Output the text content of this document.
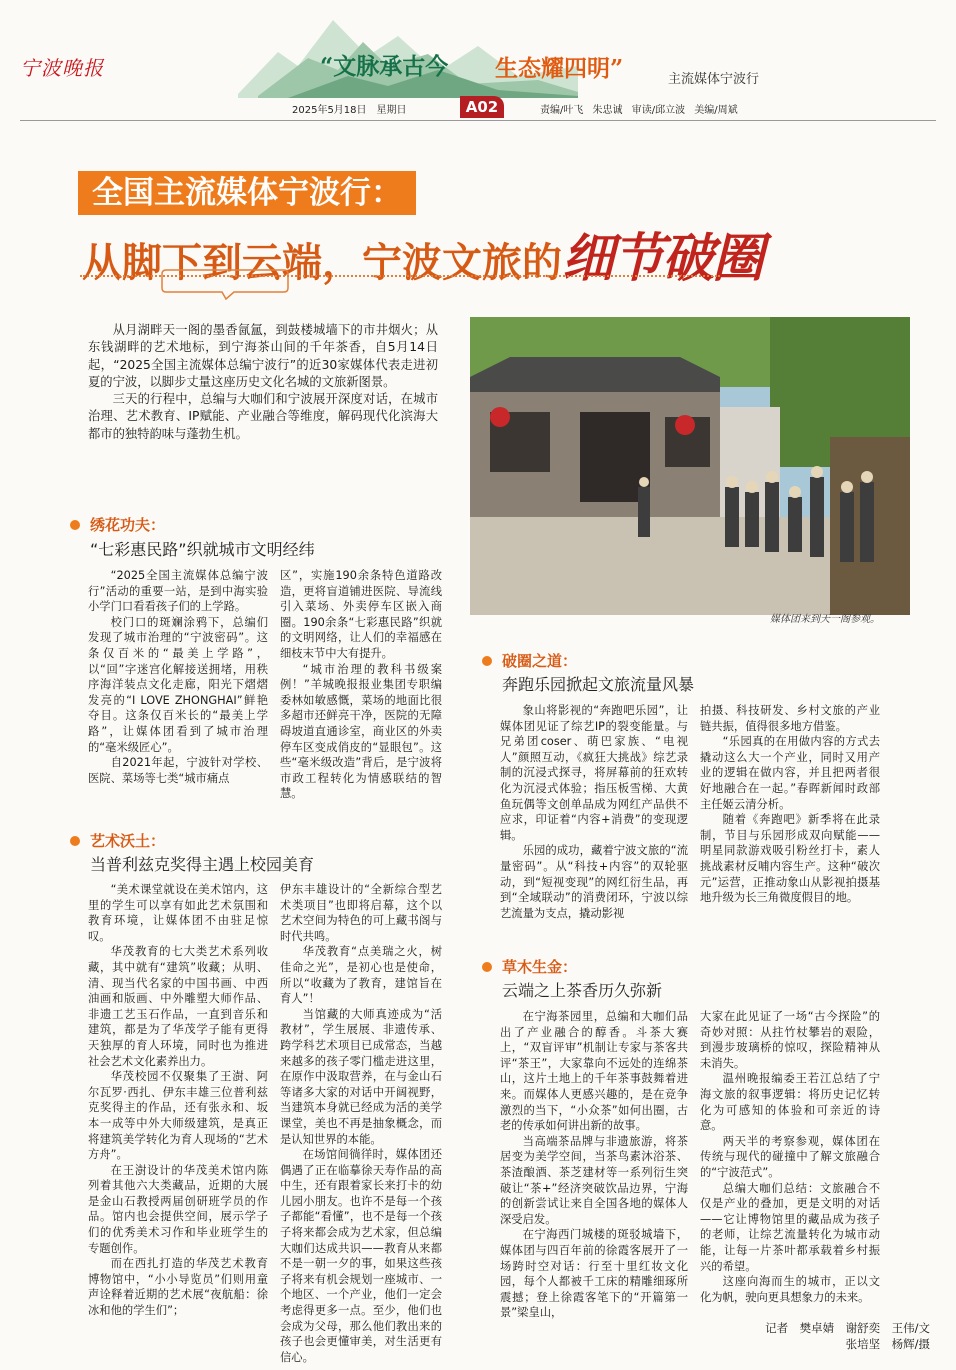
宁波晚报	“文脉承古今 生态耀四明”	主流媒体宁波行
2025年5月18日　星期日	A02	责编/叶飞 朱忠诚 审读/邱立波 美编/周斌
全国主流媒体宁波行：
从脚下到云端，宁波文旅的细节破圈

从月湖畔天一阁的墨香氤氲，到鼓楼城墙下的市井烟火；从东钱湖畔的艺术地标，到宁海茶山间的千年茶香，自5月14日起，“2025全国主流媒体总编宁波行”的近30家媒体代表走进初夏的宁波，以脚步丈量这座历史文化名城的文旅新图景。

三天的行程中，总编与大咖们和宁波展开深度对话，在城市治理、艺术教育、IP赋能、产业融合等维度，解码现代化滨海大都市的独特韵味与蓬勃生机。

媒体团来到天一阁参观。
绣花功夫：
“七彩惠民路”织就城市文明经纬

“2025全国主流媒体总编宁波行”活动的重要一站，是到中海实验小学门口看看孩子们的上学路。

校门口的斑斓涂鸦下，总编们发现了城市治理的“宁波密码”。这条仅百米的“最美上学路”，以“回”字迷宫化解接送拥堵，用秩序海洋装点文化走廊，阳光下熠熠发亮的“I LOVE ZHONGHAI”鲜艳夺目。这条仅百米长的“最美上学路”，让媒体团看到了城市治理的“毫米级匠心”。

自2021年起，宁波针对学校、医院、菜场等七类“城市痛点

区”，实施190余条特色道路改造，更将盲道铺进医院、导流线引入菜场、外卖停车区嵌入商圈。190余条“七彩惠民路”织就的文明网络，让人们的幸福感在细枝末节中大有提升。

“城市治理的教科书级案例！”羊城晚报报业集团专职编委林如敏感慨，菜场的地面比很多超市还鲜亮干净，医院的无障碍坡道直通诊室，商业区的外卖停车区变成俏皮的“显眼包”。这些“毫米级改造”背后，是宁波将市政工程转化为情感联结的智慧。

艺术沃土：
当普利兹克奖得主遇上校园美育

“美术课堂就设在美术馆内，这里的学生可以享有如此艺术氛围和教育环境，让媒体团不由驻足惊叹。

华茂教育的七大类艺术系列收藏，其中就有“建筑”收藏；从明、清、现当代名家的中国书画、中西油画和版画、中外雕塑大师作品、非遗工艺玉石作品，一直到音乐和建筑，都是为了华茂学子能有更得天独厚的育人环境，同时也为推进社会艺术文化素养出力。

华茂校园不仅聚集了王澍、阿尔瓦罗·西扎、伊东丰雄三位普利兹克奖得主的作品，还有张永和、坂本一成等中外大师级建筑，是真正将建筑美学转化为育人现场的“艺术方舟”。

在王澍设计的华茂美术馆内陈列着其他六大类藏品，近期的大展是金山石教授两届创研班学员的作品。馆内也会提供空间，展示学子们的优秀美术习作和毕业班学生的专题创作。

而在西扎打造的华茂艺术教育博物馆中，“小小导览员”们则用童声诠释着近期的艺术展“夜航船：徐冰和他的学生们”；

伊东丰雄设计的“全新综合型艺术类项目”也即将启幕，这个以艺术空间为特色的可上藏书阁与时代共鸣。

华茂教育“点美瑞之火，树佳命之光”，是初心也是使命，所以“收藏为了教育，建馆旨在育人”！

当馆藏的大师真迹成为“活教材”，学生展展、非遗传承、跨学科艺术项目已成常态，当越来越多的孩子零门槛走进这里，在原作中汲取营养，在与金山石等诸多大家的对话中开阔视野，当建筑本身就已经成为活的美学课堂，美也不再是抽象概念，而是认知世界的本能。

在场馆间徜徉时，媒体团还偶遇了正在临摹徐天寿作品的高中生，还有跟着家长来打卡的幼儿园小朋友。也许不是每一个孩子都能“看懂”，也不是每一个孩子将来都会成为艺术家，但总编大咖们达成共识——教育从来都不是一朝一夕的事，如果这些孩子将来有机会规划一座城市、一个地区、一个产业，他们一定会考虑得更多一点。至少，他们也会成为父母，那么他们教出来的孩子也会更懂审美，对生活更有信心。

破圈之道：
奔跑乐园掀起文旅流量风暴

象山将影视的“奔跑吧乐园”，让媒体团见证了综艺IP的裂变能量。与兄弟团coser、萌巴家族、“电视人”颜照互动，《疯狂大挑战》综艺录制的沉浸式探寻，将屏幕前的狂欢转化为沉浸式体验；指压板雪梯、大黄鱼玩偶等文创单品成为网红产品供不应求，印证着“内容+消费”的变现逻辑。

乐园的成功，藏着宁波文旅的“流量密码”。从“科技+内容”的双轮驱动，到“短视变现”的网红衍生品，再到“全域联动”的消费闭环，宁波以综艺流量为支点，撬动影视

拍摄、科技研发、乡村文旅的产业链共振，值得很多地方借鉴。

“乐园真的在用做内容的方式去撬动这么大一个产业，同时又用产业的逻辑在做内容，并且把两者很好地融合在一起。”春晖新闻时政部主任姬云清分析。

随着《奔跑吧》新季将在此录制，节目与乐园形成双向赋能——明星同款游戏吸引粉丝打卡，素人挑战素材反哺内容生产。这种“破次元”运营，正推动象山从影视拍摄基地升级为长三角微度假目的地。

草木生金：
云端之上茶香历久弥新

在宁海茶园里，总编和大咖们品出了产业融合的醇香。斗茶大赛上，“双盲评审”机制让专家与茶客共评“茶王”，大家靠向不远处的连绵茶山，这片土地上的千年茶事鼓舞着进来。而媒体人更感兴趣的，是在竞争激烈的当下，“小众茶”如何出圈，古老的传承如何讲出新的故事。

当高端茶品牌与非遗旅游，将茶居变为美学空间，当茶鸟素沐浴茶、茶渣酿酒、茶芝建材等一系列衍生突破让“茶+”经济突破饮品边界，宁海的创新尝试让来自全国各地的媒体人深受启发。

在宁海西门城楼的斑驳城墙下，媒体团与四百年前的徐霞客展开了一场跨时空对话：行至十里红妆文化园，每个人都被千工床的精雕细琢所震撼；登上徐霞客笔下的“开篇第一景”梁皇山，

大家在此见证了一场“古今探险”的奇妙对照：从拄竹杖攀岩的艰险，到漫步玻璃桥的惊叹，探险精神从未消失。

温州晚报编委王若江总结了宁海文旅的叙事逻辑：将历史记忆转化为可感知的体验和可亲近的诗意。

两天半的考察参观，媒体团在传统与现代的碰撞中了解文旅融合的“宁波范式”。

总编大咖们总结：文旅融合不仅是产业的叠加，更是文明的对话——它让博物馆里的藏品成为孩子的老师，让综艺流量转化为城市动能，让每一片茶叶都承载着乡村振兴的希望。

这座向海而生的城市，正以文化为帆，驶向更具想象力的未来。

记者　樊卓婧　谢舒奕　王伟/文　张培坚　杨辉/摄
